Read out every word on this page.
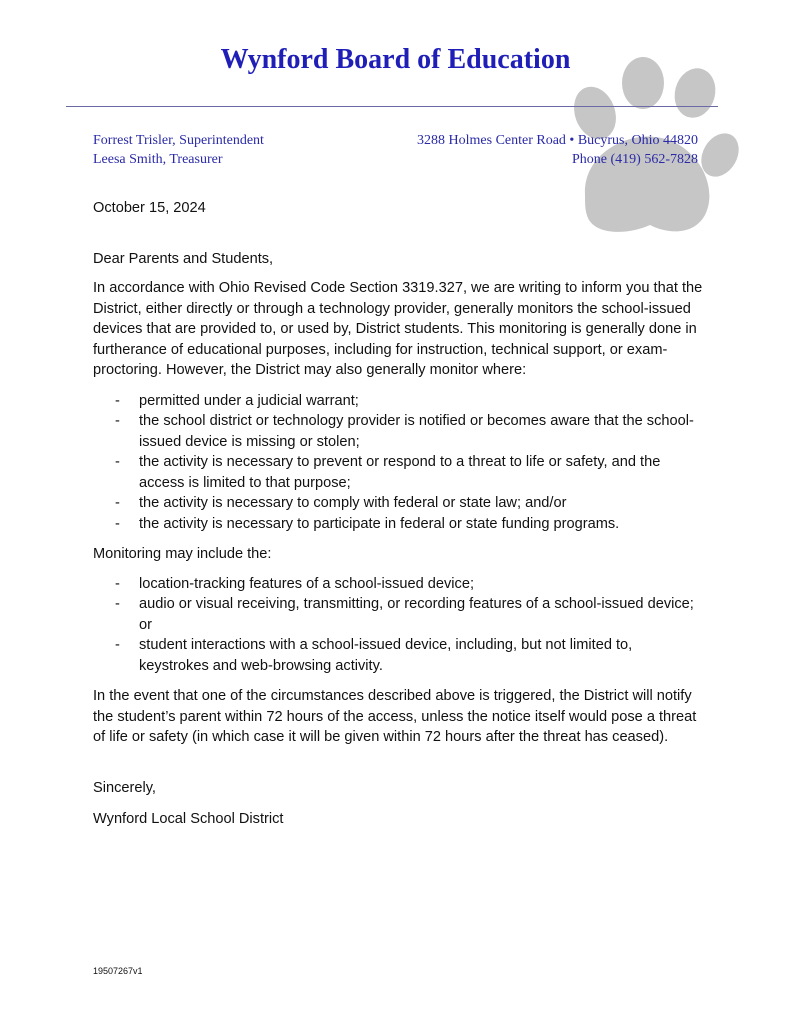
Wynford Board of Education
Forrest Trisler, Superintendent
Leesa Smith, Treasurer
3288 Holmes Center Road • Bucyrus, Ohio 44820
Phone (419) 562-7828

October 15, 2024

Dear Parents and Students,

In accordance with Ohio Revised Code Section 3319.327, we are writing to inform you that the District, either directly or through a technology provider, generally monitors the school-issued devices that are provided to, or used by, District students. This monitoring is generally done in furtherance of educational purposes, including for instruction, technical support, or exam-proctoring. However, the District may also generally monitor where:

- permitted under a judicial warrant;
- the school district or technology provider is notified or becomes aware that the school-issued device is missing or stolen;
- the activity is necessary to prevent or respond to a threat to life or safety, and the access is limited to that purpose;
- the activity is necessary to comply with federal or state law; and/or
- the activity is necessary to participate in federal or state funding programs.

Monitoring may include the:

- location-tracking features of a school-issued device;
- audio or visual receiving, transmitting, or recording features of a school-issued device; or
- student interactions with a school-issued device, including, but not limited to, keystrokes and web-browsing activity.

In the event that one of the circumstances described above is triggered, the District will notify the student’s parent within 72 hours of the access, unless the notice itself would pose a threat of life or safety (in which case it will be given within 72 hours after the threat has ceased).

Sincerely,

Wynford Local School District

19507267v1
